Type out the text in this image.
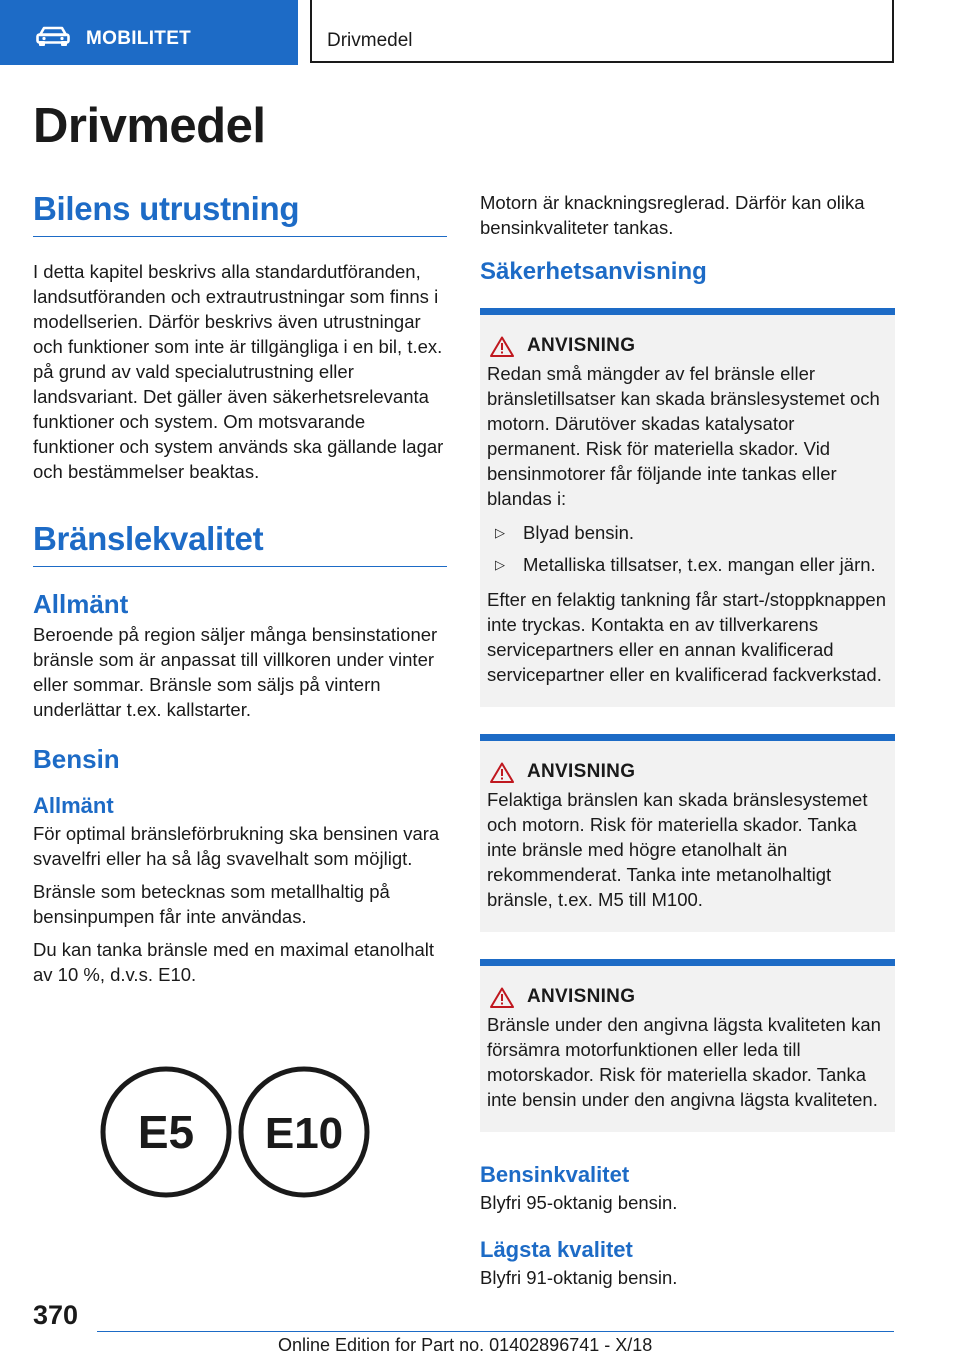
MOBILITET	Drivmedel
Drivmedel
Bilens utrustning

I detta kapitel beskrivs alla standardutföranden, landsutföranden och extrautrustningar som finns i modellserien. Därför beskrivs även utrustningar och funktioner som inte är tillgängliga i en bil, t.ex. på grund av vald specialutrustning eller landsvariant. Det gäller även säkerhetsrelevanta funktioner och system. Om motsvarande funktioner och system används ska gällande lagar och bestämmelser beaktas.

Bränslekvalitet
Allmänt

Beroende på region säljer många bensinstationer bränsle som är anpassat till villkoren under vinter eller sommar. Bränsle som säljs på vintern underlättar t.ex. kallstarter.

Bensin
Allmänt

För optimal bränsleförbrukning ska bensinen vara svavelfri eller ha så låg svavelhalt som möjligt.

Bränsle som betecknas som metallhaltig på bensinpumpen får inte användas.

Du kan tanka bränsle med en maximal etanolhalt av 10 %, d.v.s. E10.

E5 E10

Motorn är knackningsreglerad. Därför kan olika bensinkvaliteter tankas.

Säkerhetsanvisning
ANVISNING

Redan små mängder av fel bränsle eller bränsletillsatser kan skada bränslesystemet och motorn. Därutöver skadas katalysator permanent. Risk för materiella skador. Vid bensinmotorer får följande inte tankas eller blandas i:

▷ Blyad bensin.
▷ Metalliska tillsatser, t.ex. mangan eller järn.

Efter en felaktig tankning får start-/stoppknappen inte tryckas. Kontakta en av tillverkarens servicepartners eller en annan kvalificerad servicepartner eller en kvalificerad fackverkstad.

ANVISNING

Felaktiga bränslen kan skada bränslesystemet och motorn. Risk för materiella skador. Tanka inte bränsle med högre etanolhalt än rekommenderat. Tanka inte metanolhaltigt bränsle, t.ex. M5 till M100.

ANVISNING

Bränsle under den angivna lägsta kvaliteten kan försämra motorfunktionen eller leda till motorskador. Risk för materiella skador. Tanka inte bensin under den angivna lägsta kvaliteten.

Bensinkvalitet

Blyfri 95-oktanig bensin.

Lägsta kvalitet

Blyfri 91-oktanig bensin.

370
Online Edition for Part no. 01402896741 - X/18
